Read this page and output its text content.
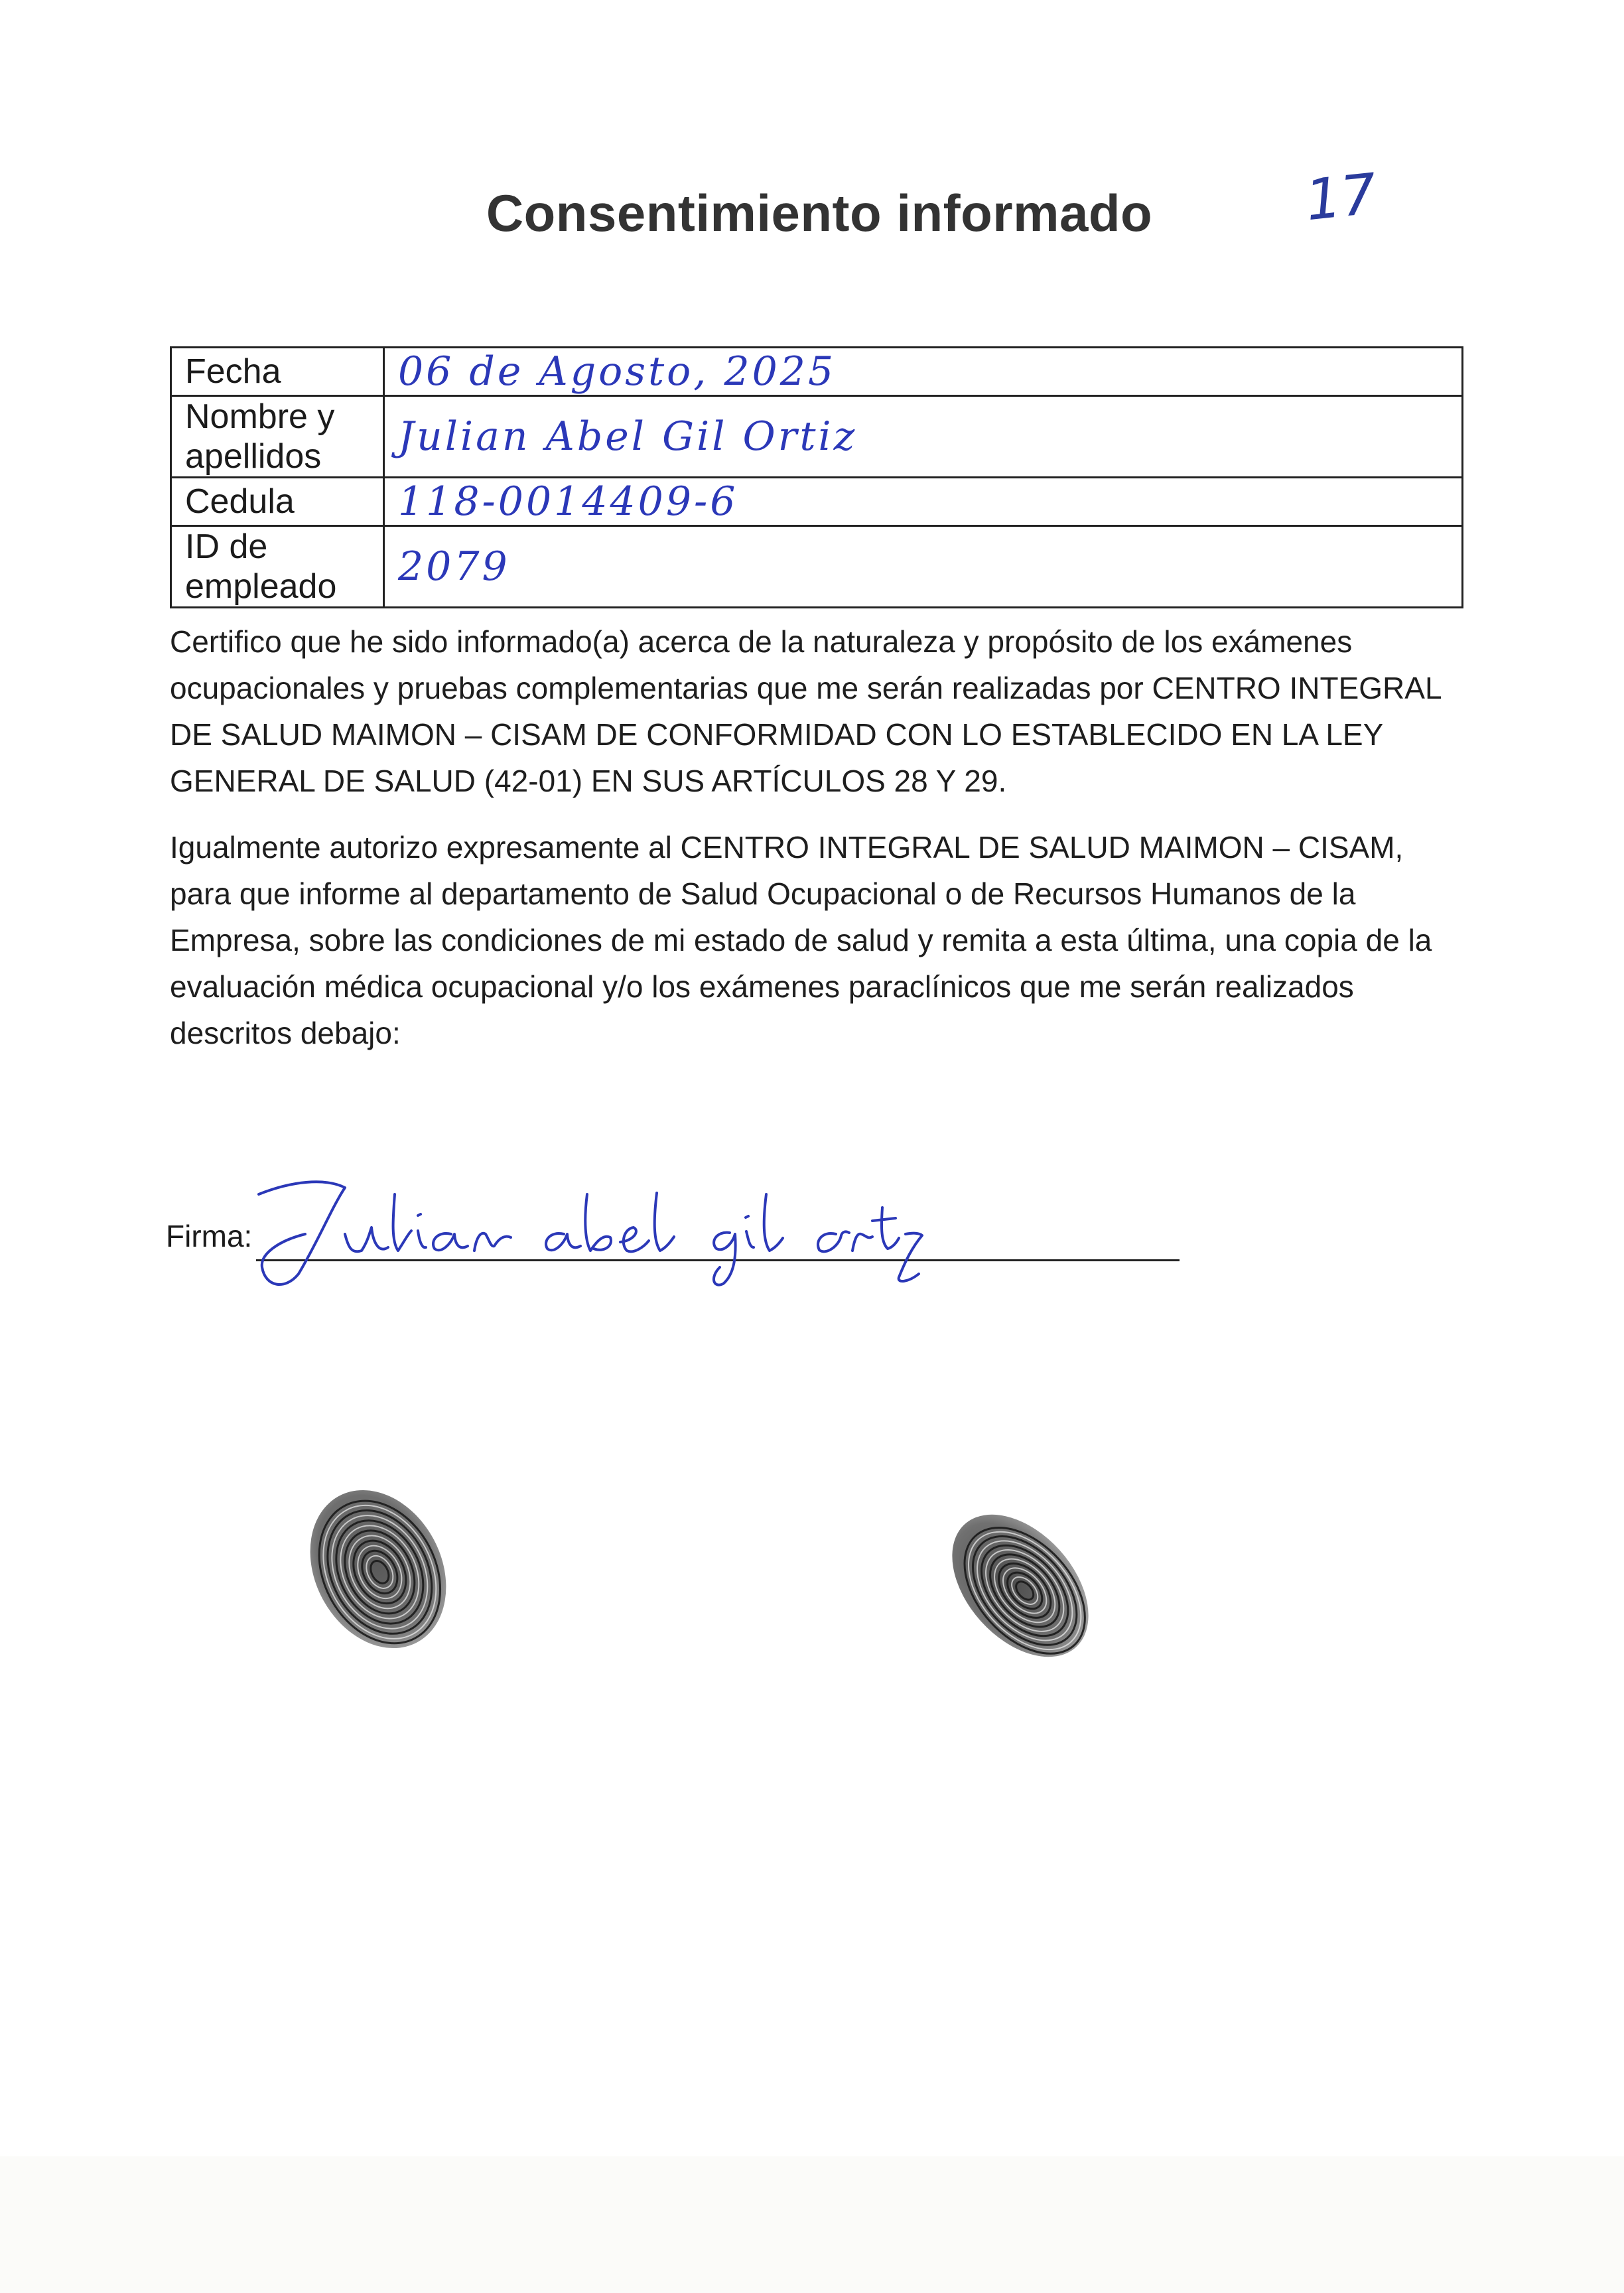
Consentimiento informado	17
Fecha	06 de Agosto, 2025
Nombre y apellidos	Julian Abel Gil Ortiz
Cedula	118-0014409-6
ID de empleado	2079
Certifico que he sido informado(a) acerca de la naturaleza y propósito de los exámenes ocupacionales y pruebas complementarias que me serán realizadas por CENTRO INTEGRAL DE SALUD MAIMON – CISAM DE CONFORMIDAD CON LO ESTABLECIDO EN LA LEY GENERAL DE SALUD (42-01) EN SUS ARTÍCULOS 28 Y 29.
Igualmente autorizo expresamente al CENTRO INTEGRAL DE SALUD MAIMON – CISAM, para que informe al departamento de Salud Ocupacional o de Recursos Humanos de la Empresa, sobre las condiciones de mi estado de salud y remita a esta última, una copia de la evaluación médica ocupacional y/o los exámenes paraclínicos que me serán realizados descritos debajo:
Firma:
